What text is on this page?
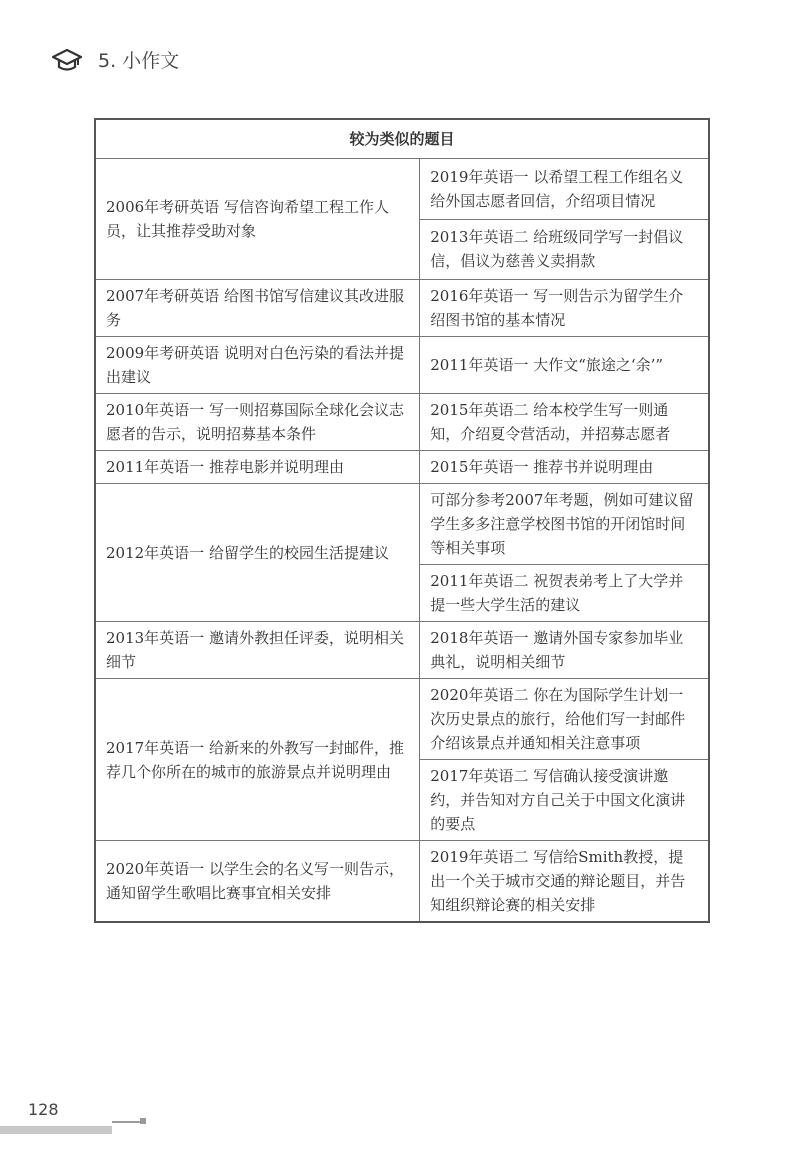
5. 小作文
较为类似的题目	
2006年考研英语 写信咨询希望工程工作人员，让其推荐受助对象	2019年英语一 以希望工程工作组名义给外国志愿者回信，介绍项目情况
	2013年英语二 给班级同学写一封倡议信，倡议为慈善义卖捐款
2007年考研英语 给图书馆写信建议其改进服务	2016年英语一 写一则告示为留学生介绍图书馆的基本情况
2009年考研英语 说明对白色污染的看法并提出建议	2011年英语一 大作文“旅途之‘余’”
2010年英语一 写一则招募国际全球化会议志愿者的告示，说明招募基本条件	2015年英语二 给本校学生写一则通知，介绍夏令营活动，并招募志愿者
2011年英语一 推荐电影并说明理由	2015年英语一 推荐书并说明理由
2012年英语一 给留学生的校园生活提建议	可部分参考2007年考题，例如可建议留学生多多注意学校图书馆的开闭馆时间等相关事项
	2011年英语二 祝贺表弟考上了大学并提一些大学生活的建议
2013年英语一 邀请外教担任评委，说明相关细节	2018年英语一 邀请外国专家参加毕业典礼，说明相关细节
2017年英语一 给新来的外教写一封邮件，推荐几个你所在的城市的旅游景点并说明理由	2020年英语二 你在为国际学生计划一次历史景点的旅行，给他们写一封邮件介绍该景点并通知相关注意事项
	2017年英语二 写信确认接受演讲邀约，并告知对方自己关于中国文化演讲的要点
2020年英语一 以学生会的名义写一则告示，通知留学生歌唱比赛事宜相关安排	2019年英语二 写信给Smith教授，提出一个关于城市交通的辩论题目，并告知组织辩论赛的相关安排
128
